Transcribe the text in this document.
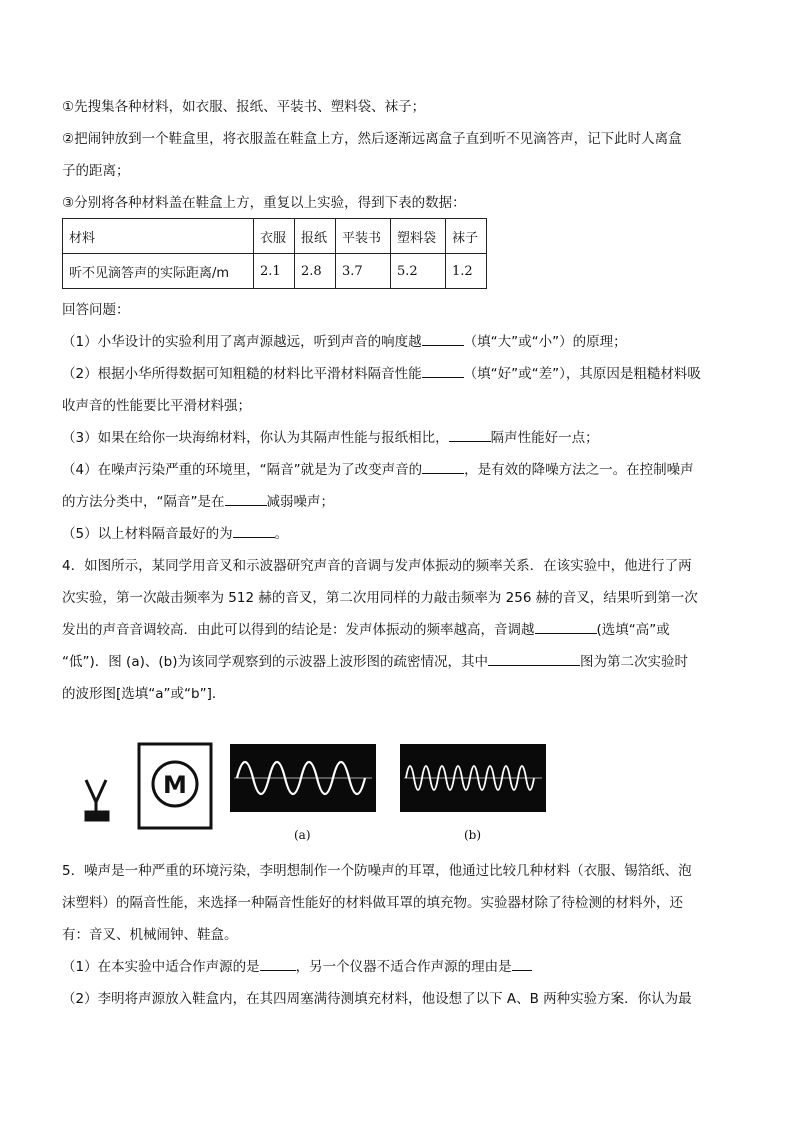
①先搜集各种材料，如衣服、报纸、平装书、塑料袋、袜子；
②把闹钟放到一个鞋盒里，将衣服盖在鞋盒上方，然后逐渐远离盒子直到听不见滴答声，记下此时人离盒
子的距离；
③分别将各种材料盖在鞋盒上方，重复以上实验，得到下表的数据：
材料	衣服	报纸	平装书	塑料袋	袜子
听不见滴答声的实际距离/m	2.1	2.8	3.7	5.2	1.2
回答问题：
（1）小华设计的实验利用了离声源越远，听到声音的响度越	（填“大”或“小”）的原理；
（2）根据小华所得数据可知粗糙的材料比平滑材料隔音性能	（填“好”或“差”），其原因是粗糙材料吸
收声音的性能要比平滑材料强；
（3）如果在给你一块海绵材料，你认为其隔声性能与报纸相比，	隔声性能好一点；
（4）在噪声污染严重的环境里，“隔音”就是为了改变声音的	，是有效的降噪方法之一。在控制噪声
的方法分类中，“隔音”是在	减弱噪声；
（5）以上材料隔音最好的为	。
4．如图所示，某同学用音叉和示波器研究声音的音调与发声体振动的频率关系．在该实验中，他进行了两
次实验，第一次敲击频率为 512 赫的音叉，第二次用同样的力敲击频率为 256 赫的音叉，结果听到第一次
发出的声音音调较高．由此可以得到的结论是：发声体振动的频率越高，音调越	(选填“高”或
“低”)．图 (a)、(b)为该同学观察到的示波器上波形图的疏密情况，其中	图为第二次实验时
的波形图[选填“a”或“b”]．
M
(a)	(b)
5．噪声是一种严重的环境污染，李明想制作一个防噪声的耳罩，他通过比较几种材料（衣服、锡箔纸、泡
沫塑料）的隔音性能，来选择一种隔音性能好的材料做耳罩的填充物。实验器材除了待检测的材料外，还
有：音叉、机械闹钟、鞋盒。
（1）在本实验中适合作声源的是	，另一个仪器不适合作声源的理由是
（2）李明将声源放入鞋盒内，在其四周塞满待测填充材料，他设想了以下 A、B 两种实验方案．你认为最
